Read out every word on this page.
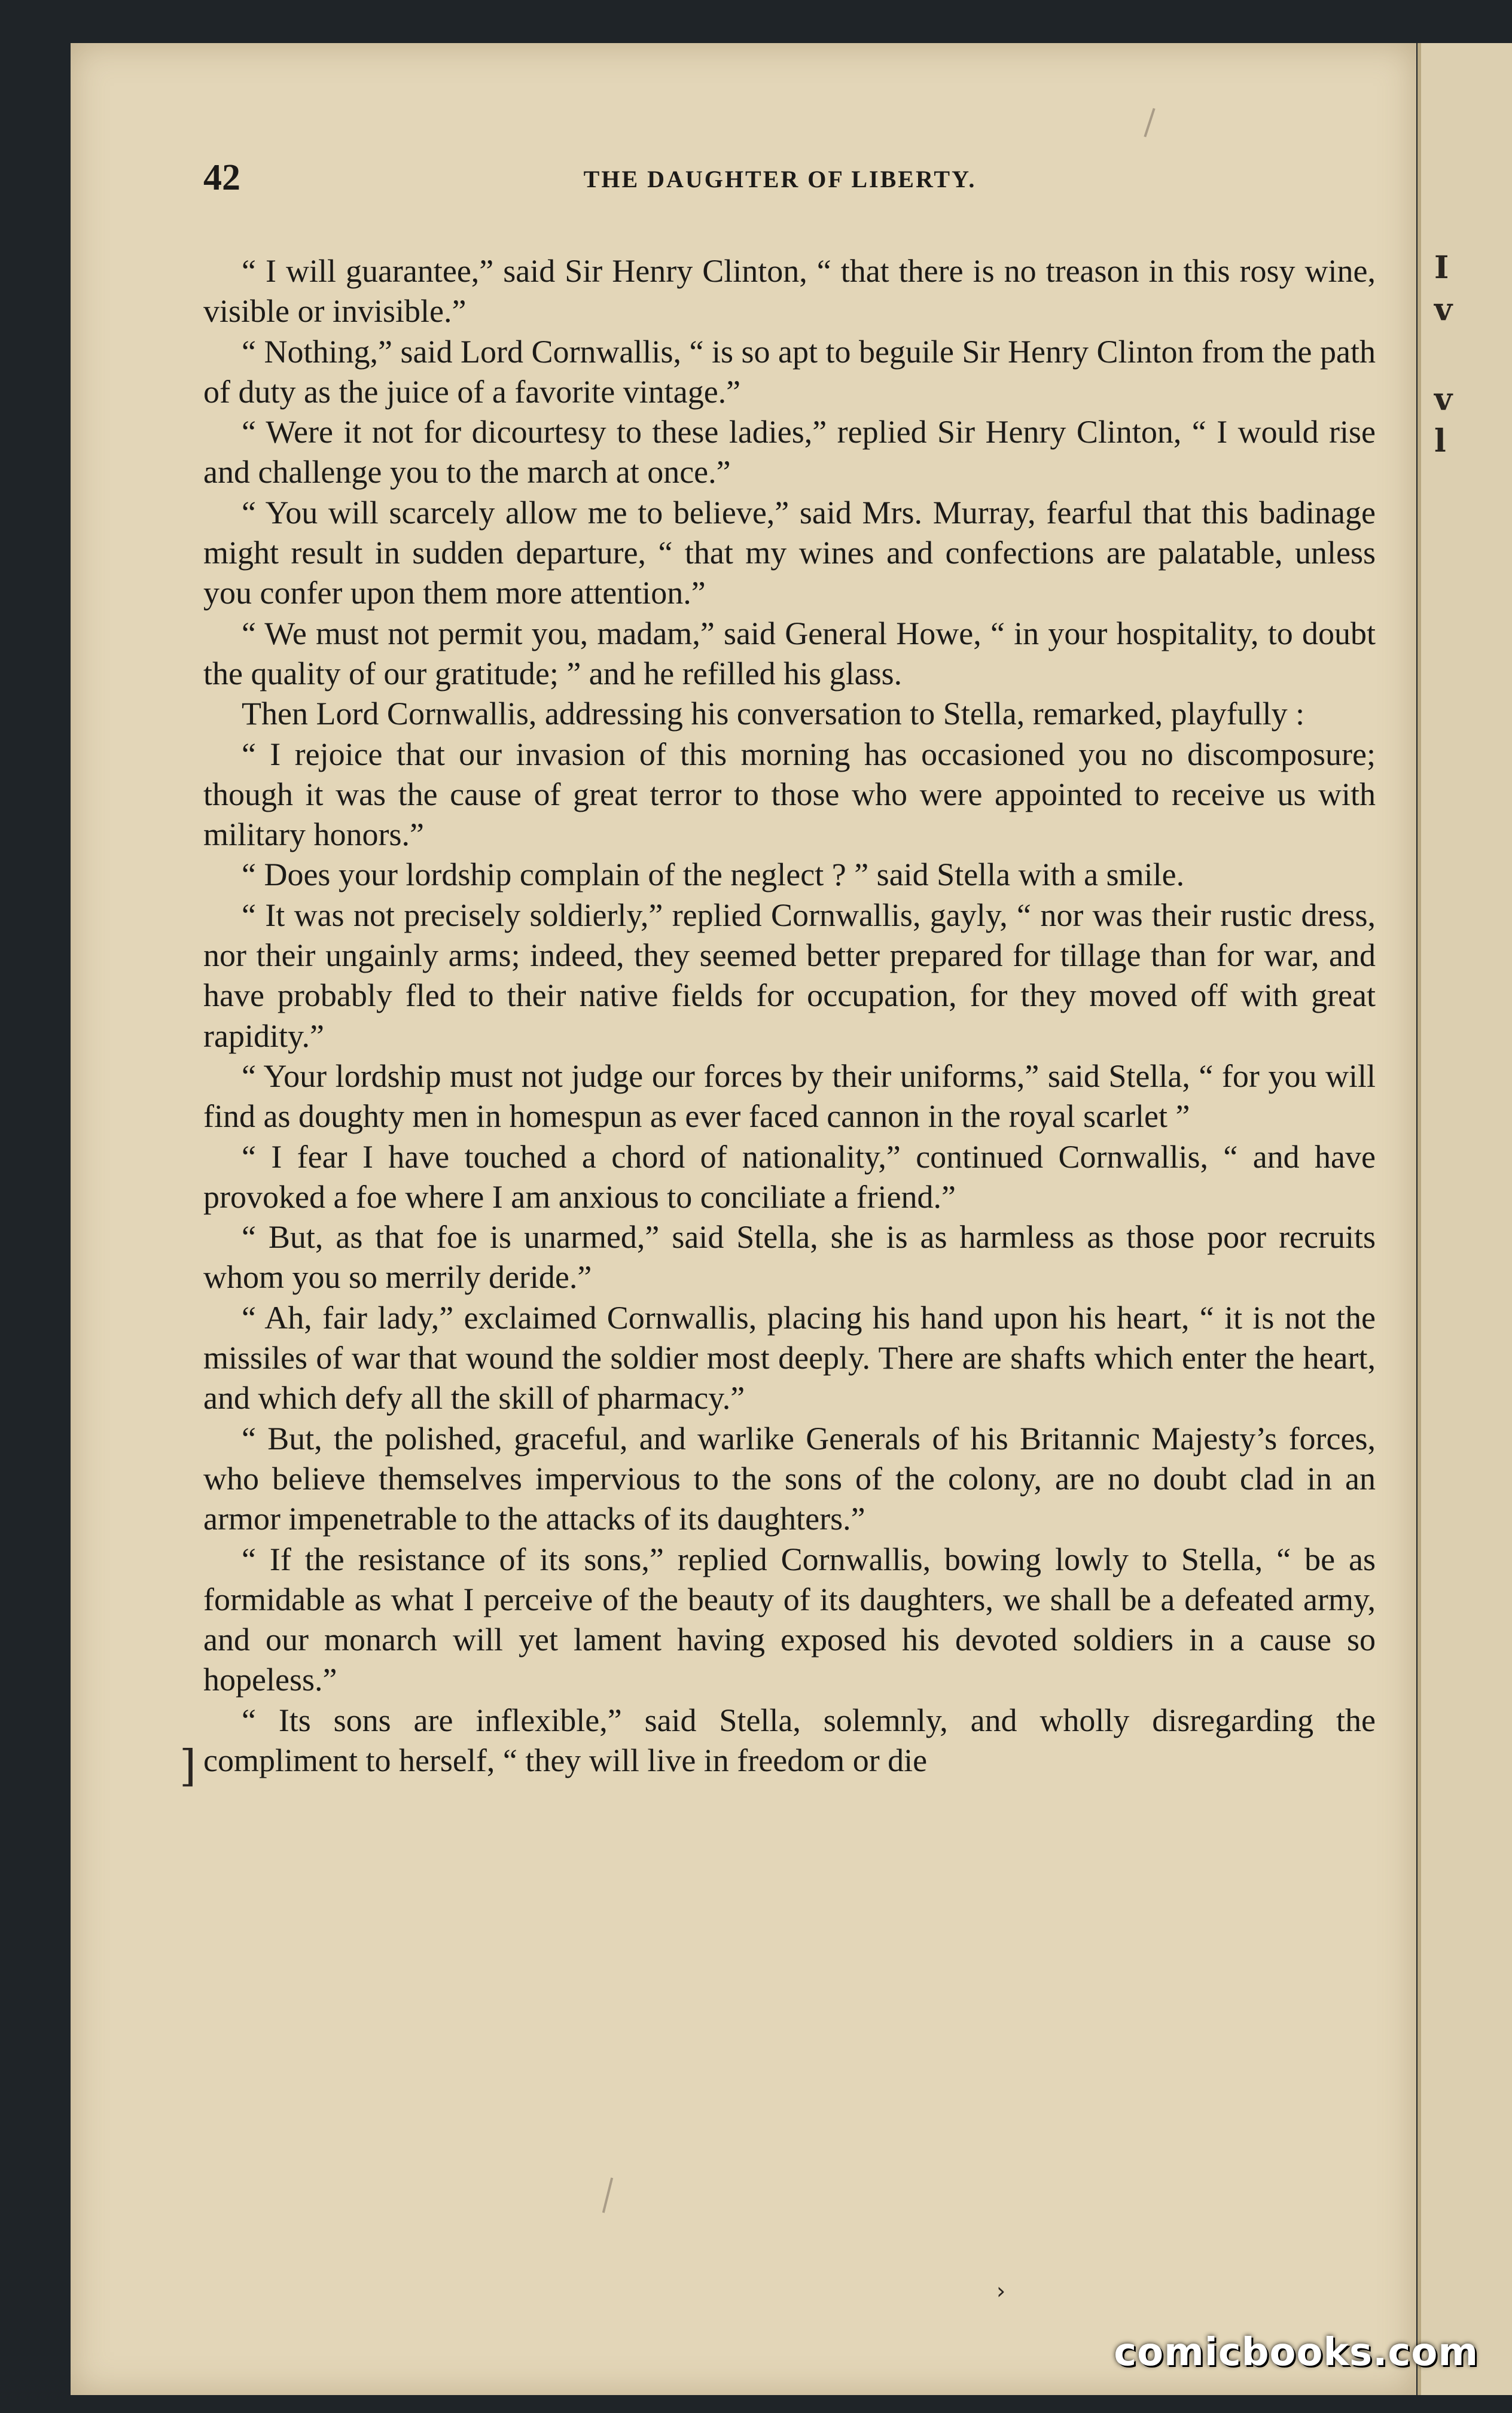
I
v
v
l
42	THE DAUGHTER OF LIBERTY.

“ I will guarantee,” said Sir Henry Clinton, “ that there is no treason in this rosy wine, visible or invisible.”

“ Nothing,” said Lord Cornwallis, “ is so apt to beguile Sir Henry Clinton from the path of duty as the juice of a favorite vintage.”

“ Were it not for dicourtesy to these ladies,” replied Sir Henry Clinton, “ I would rise and challenge you to the march at once.”

“ You will scarcely allow me to believe,” said Mrs. Murray, fearful that this badinage might result in sudden departure, “ that my wines and confections are palatable, unless you confer upon them more attention.”

“ We must not permit you, madam,” said General Howe, “ in your hospitality, to doubt the quality of our gratitude; ” and he refilled his glass.

Then Lord Cornwallis, addressing his conversation to Stella, remarked, playfully :

“ I rejoice that our invasion of this morning has occasioned you no discomposure; though it was the cause of great terror to those who were appointed to receive us with military honors.”

“ Does your lordship complain of the neglect ? ” said Stella with a smile.

“ It was not precisely soldierly,” replied Cornwallis, gayly, “ nor was their rustic dress, nor their ungainly arms; indeed, they seemed better prepared for tillage than for war, and have probably fled to their native fields for occupation, for they moved off with great rapidity.”

“ Your lordship must not judge our forces by their uniforms,” said Stella, “ for you will find as doughty men in homespun as ever faced cannon in the royal scarlet ”

“ I fear I have touched a chord of nationality,” continued Cornwallis, “ and have provoked a foe where I am anxious to conciliate a friend.”

“ But, as that foe is unarmed,” said Stella, she is as harmless as those poor recruits whom you so merrily deride.”

“ Ah, fair lady,” exclaimed Cornwallis, placing his hand upon his heart, “ it is not the missiles of war that wound the soldier most deeply. There are shafts which enter the heart, and which defy all the skill of pharmacy.”

“ But, the polished, graceful, and warlike Generals of his Britannic Majesty’s forces, who believe themselves impervious to the sons of the colony, are no doubt clad in an armor impenetrable to the attacks of its daughters.”

“ If the resistance of its sons,” replied Cornwallis, bowing lowly to Stella, “ be as formidable as what I perceive of the beauty of its daughters, we shall be a defeated army, and our monarch will yet lament having exposed his devoted soldiers in a cause so hopeless.”

“ Its sons are inflexible,” said Stella, solemnly, and wholly disregarding the compliment to herself, “ they will live in freedom or die

]
›
comicbooks.com
